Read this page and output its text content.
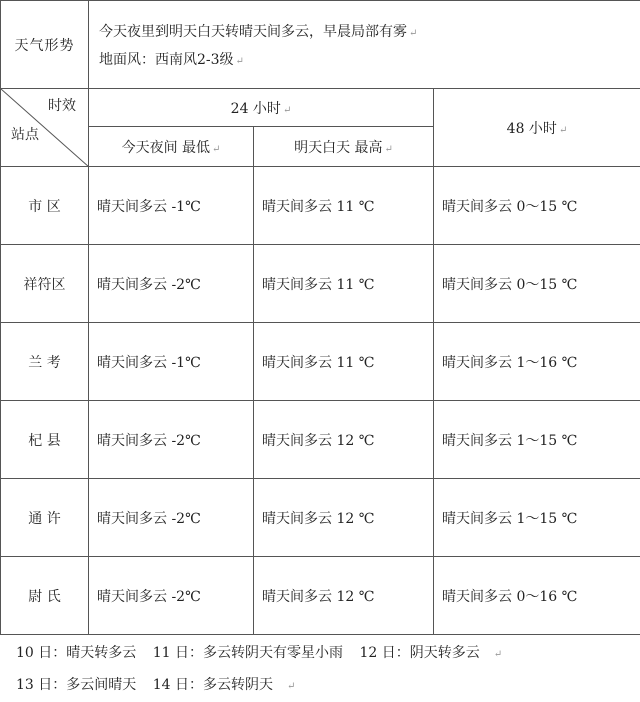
天气形势	今天夜里到明天白天转晴天间多云，早晨局部有雾 ↵
地面风：西南风2-3级 ↵		

时效
站点	24 小时 ↵		48 小时 ↵
	今天夜间 最低 ↵	明天白天 最高 ↵	
市 区	晴天间多云 -1℃	晴天间多云 11 ℃	晴天间多云 0～15 ℃
祥符区	晴天间多云 -2℃	晴天间多云 11 ℃	晴天间多云 0～15 ℃
兰 考	晴天间多云 -1℃	晴天间多云 11 ℃	晴天间多云 1～16 ℃
杞 县	晴天间多云 -2℃	晴天间多云 12 ℃	晴天间多云 1～15 ℃
通 许	晴天间多云 -2℃	晴天间多云 12 ℃	晴天间多云 1～15 ℃
尉 氏	晴天间多云 -2℃	晴天间多云 12 ℃	晴天间多云 0～16 ℃
10 日：晴天转多云 11 日：多云转阴天有零星小雨 12 日：阴天转多云 ↵
13 日：多云间晴天 14 日：多云转阴天 ↵
